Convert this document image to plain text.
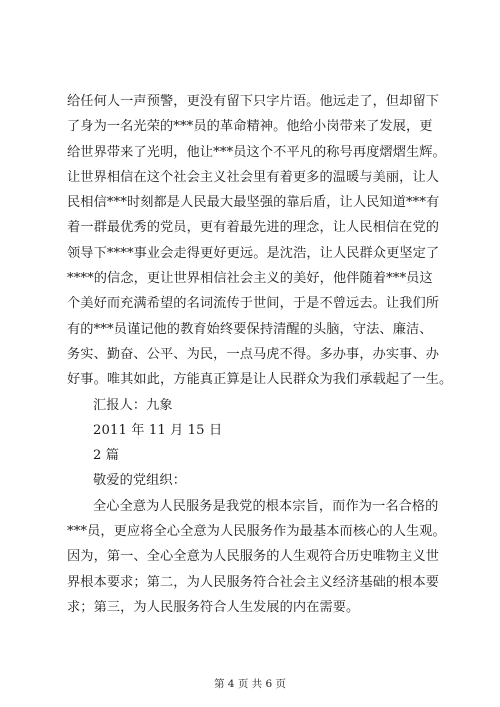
给任何人一声预警，更没有留下只字片语。他远走了，但却留下
了身为一名光荣的***员的革命精神。他给小岗带来了发展，更
给世界带来了光明，他让***员这个不平凡的称号再度熠熠生辉。
让世界相信在这个社会主义社会里有着更多的温暖与美丽，让人
民相信***时刻都是人民最大最坚强的靠后盾，让人民知道***有
着一群最优秀的党员，更有着最先进的理念，让人民相信在党的
领导下****事业会走得更好更远。是沈浩，让人民群众更坚定了
****的信念，更让世界相信社会主义的美好，他伴随着***员这
个美好而充满希望的名词流传于世间，于是不曾远去。让我们所
有的***员谨记他的教育始终要保持清醒的头脑，守法、廉洁、
务实、勤奋、公平、为民，一点马虎不得。多办事，办实事、办
好事。唯其如此，方能真正算是让人民群众为我们承载起了一生。
汇报人：九象
2011 年 11 月 15 日
2 篇
敬爱的党组织：
全心全意为人民服务是我党的根本宗旨，而作为一名合格的
***员，更应将全心全意为人民服务作为最基本而核心的人生观。
因为，第一、全心全意为人民服务的人生观符合历史唯物主义世
界根本要求；第二，为人民服务符合社会主义经济基础的根本要
求；第三，为人民服务符合人生发展的内在需要。
第 4 页 共 6 页
